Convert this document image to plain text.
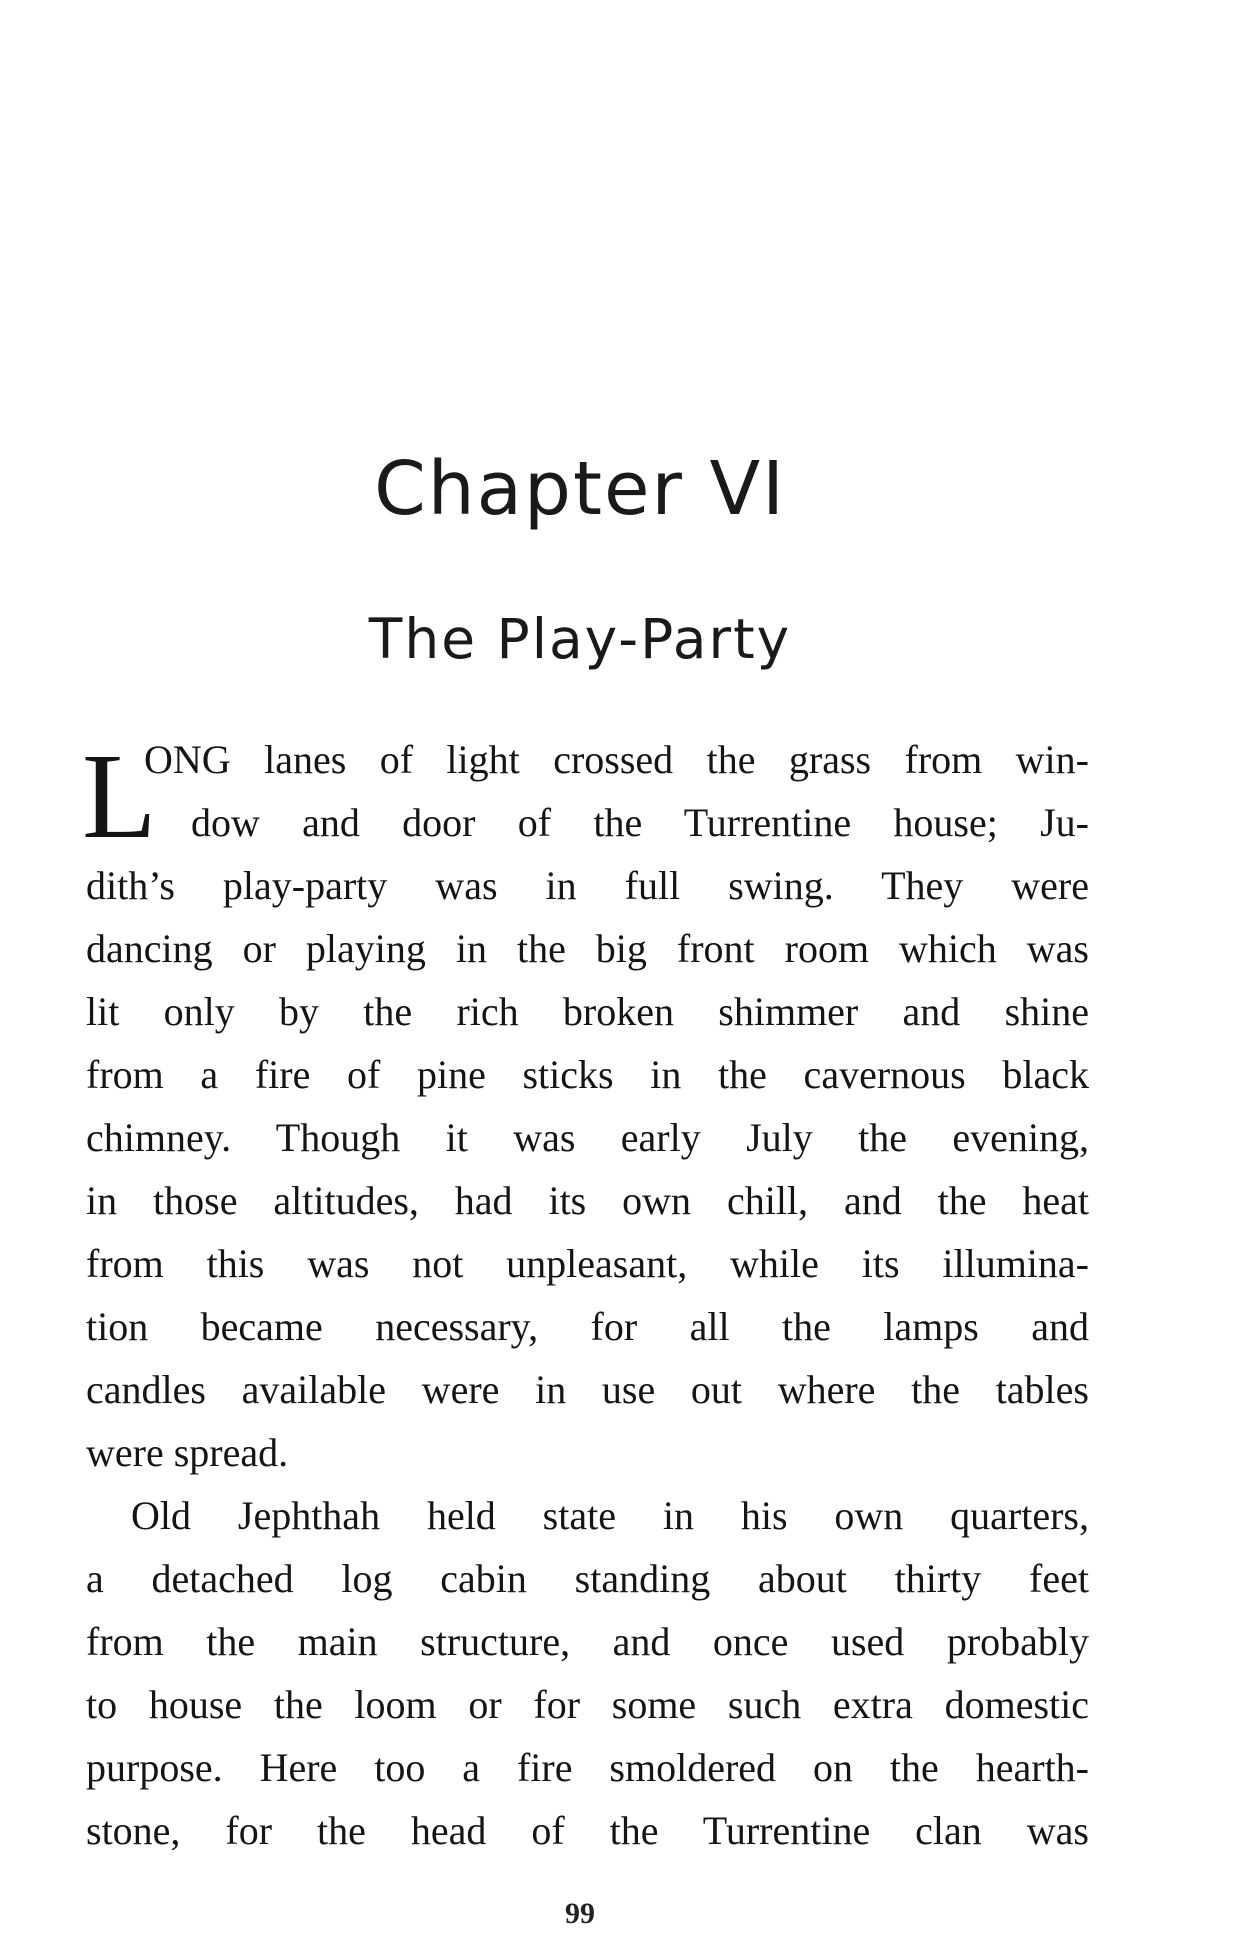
Chapter VI
The Play-Party
L
ONG lanes of light crossed the grass from win-
dow and door of the Turrentine house; Ju-
dith’s play-party was in full swing. They were
dancing or playing in the big front room which was
lit only by the rich broken shimmer and shine
from a fire of pine sticks in the cavernous black
chimney. Though it was early July the evening,
in those altitudes, had its own chill, and the heat
from this was not unpleasant, while its illumina-
tion became necessary, for all the lamps and
candles available were in use out where the tables
were spread.
Old Jephthah held state in his own quarters,
a detached log cabin standing about thirty feet
from the main structure, and once used probably
to house the loom or for some such extra domestic
purpose. Here too a fire smoldered on the hearth-
stone, for the head of the Turrentine clan was
99
